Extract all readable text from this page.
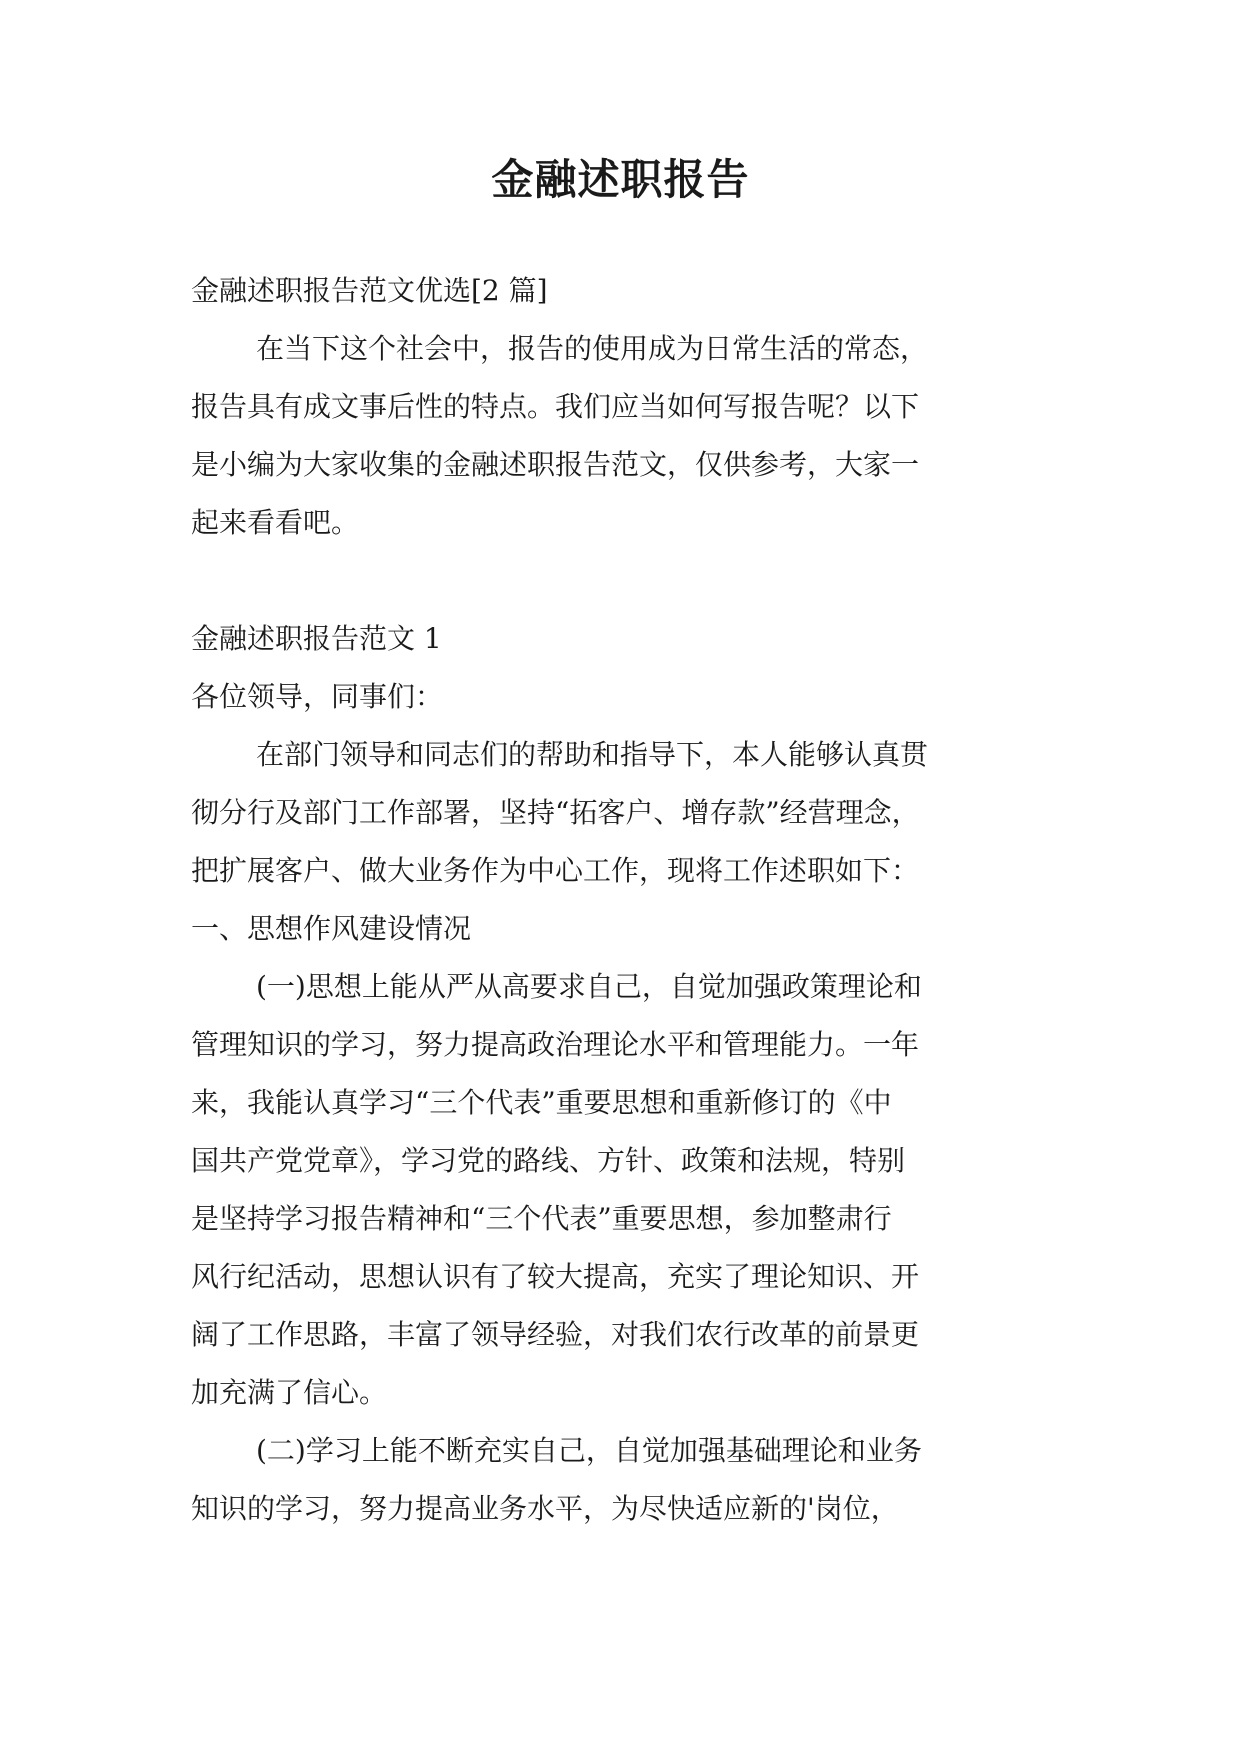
金融述职报告

金融述职报告范文优选[2 篇]

在当下这个社会中，报告的使用成为日常生活的常态，
报告具有成文事后性的特点。我们应当如何写报告呢？以下
是小编为大家收集的金融述职报告范文，仅供参考，大家一
起来看看吧。

金融述职报告范文 1

各位领导，同事们：

在部门领导和同志们的帮助和指导下，本人能够认真贯
彻分行及部门工作部署，坚持“拓客户、增存款”经营理念，
把扩展客户、做大业务作为中心工作，现将工作述职如下：

一、思想作风建设情况

(一)思想上能从严从高要求自己，自觉加强政策理论和
管理知识的学习，努力提高政治理论水平和管理能力。一年
来，我能认真学习“三个代表”重要思想和重新修订的《中
国共产党党章》，学习党的路线、方针、政策和法规，特别
是坚持学习报告精神和“三个代表”重要思想，参加整肃行
风行纪活动，思想认识有了较大提高，充实了理论知识、开
阔了工作思路，丰富了领导经验，对我们农行改革的前景更
加充满了信心。
(二)学习上能不断充实自己，自觉加强基础理论和业务
知识的学习，努力提高业务水平，为尽快适应新的'岗位，
